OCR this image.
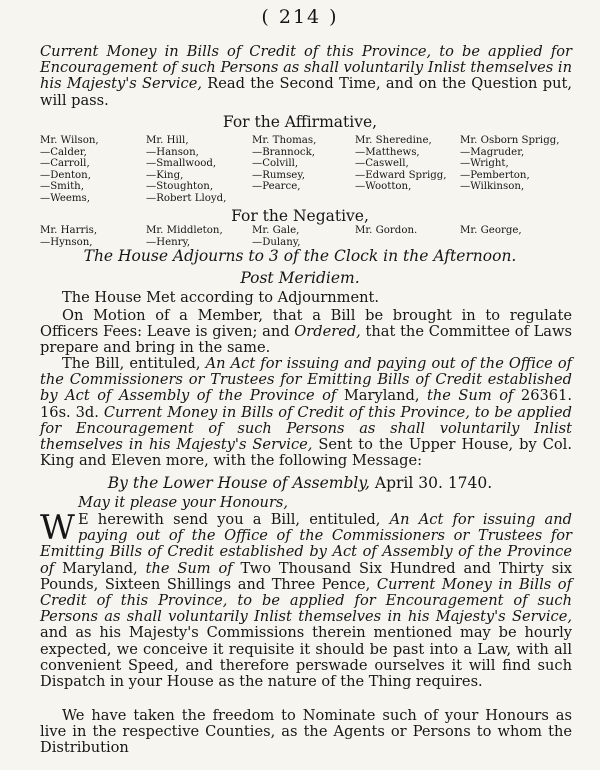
( 214 )

Current Money in Bills of Credit of this Province, to be applied for Encouragement of such Persons as shall voluntarily Inlist themselves in his Majesty's Service, Read the Second Time, and on the Question put, will pass.

For the Affirmative,
Mr. Wilson,
—Calder,
—Carroll,
—Denton,
—Smith,
—Weems,
Mr. Hill,
—Hanson,
—Smallwood,
—King,
—Stoughton,
—Robert Lloyd,
Mr. Thomas,
—Brannock,
—Colvill,
—Rumsey,
—Pearce,
Mr. Sheredine,
—Matthews,
—Caswell,
—Edward Sprigg,
—Wootton,
Mr. Osborn Sprigg,
—Magruder,
—Wright,
—Pemberton,
—Wilkinson,
For the Negative,
Mr. Harris,
—Hynson,
Mr. Middleton,
—Henry,
Mr. Gale,
—Dulany,
Mr. Gordon.	Mr. George,
The House Adjourns to 3 of the Clock in the Afternoon.
Post Meridiem.

The House Met according to Adjournment.

On Motion of a Member, that a Bill be brought in to regulate Officers Fees: Leave is given; and Ordered, that the Committee of Laws prepare and bring in the same.

The Bill, entituled, An Act for issuing and paying out of the Office of the Commissioners or Trustees for Emitting Bills of Credit established by Act of Assembly of the Province of Maryland, the Sum of 26361. 16s. 3d. Current Money in Bills of Credit of this Province, to be applied for Encouragement of such Persons as shall voluntarily Inlist themselves in his Majesty's Service, Sent to the Upper House, by Col. King and Eleven more, with the following Message:

By the Lower House of Assembly, April 30. 1740.

May it please your Honours,

W E herewith send you a Bill, entituled, An Act for issuing and paying out of the Office of the Commissioners or Trustees for Emitting Bills of Credit established by Act of Assembly of the Province of Maryland, the Sum of Two Thousand Six Hundred and Thirty six Pounds, Sixteen Shillings and Three Pence, Current Money in Bills of Credit of this Province, to be applied for Encouragement of such Persons as shall voluntarily Inlist themselves in his Majesty's Service, and as his Majesty's Commissions therein mentioned may be hourly expected, we conceive it requisite it should be past into a Law, with all convenient Speed, and therefore perswade ourselves it will find such Dispatch in your House as the nature of the Thing requires.

We have taken the freedom to Nominate such of your Honours as live in the respective Counties, as the Agents or Persons to whom the Distribution
